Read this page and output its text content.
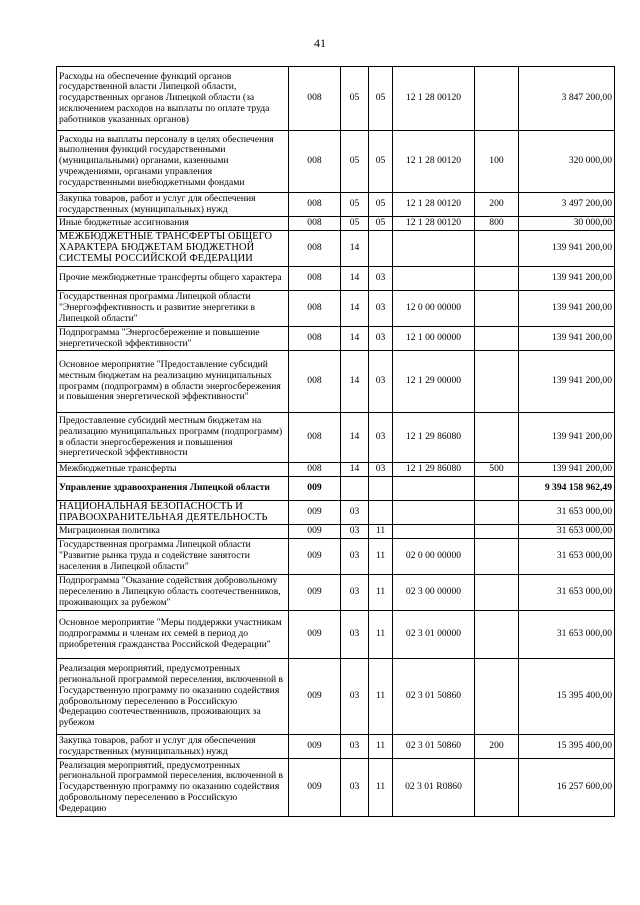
41
Расходы на обеспечение функций органов государственной власти Липецкой области, государственных органов Липецкой области (за исключением расходов на выплаты по оплате труда работников указанных органов)	008	05	05	12 1 28 00120		3 847 200,00
Расходы на выплаты персоналу в целях обеспечения выполнения функций государственными (муниципальными) органами, казенными учреждениями, органами управления государственными внебюджетными фондами	008	05	05	12 1 28 00120	100	320 000,00
Закупка товаров, работ и услуг для обеспечения государственных (муниципальных) нужд	008	05	05	12 1 28 00120	200	3 497 200,00
Иные бюджетные ассигнования	008	05	05	12 1 28 00120	800	30 000,00
МЕЖБЮДЖЕТНЫЕ ТРАНСФЕРТЫ ОБЩЕГО ХАРАКТЕРА БЮДЖЕТАМ БЮДЖЕТНОЙ СИСТЕМЫ РОССИЙСКОЙ ФЕДЕРАЦИИ	008	14				139 941 200,00
Прочие межбюджетные трансферты общего характера	008	14	03			139 941 200,00
Государственная программа Липецкой области "Энергоэффективность и развитие энергетики в Липецкой области"	008	14	03	12 0 00 00000		139 941 200,00
Подпрограмма "Энергосбережение и повышение энергетической эффективности"	008	14	03	12 1 00 00000		139 941 200,00
Основное мероприятие "Предоставление субсидий местным бюджетам на реализацию муниципальных программ (подпрограмм) в области энергосбережения и повышения энергетической эффективности"	008	14	03	12 1 29 00000		139 941 200,00
Предоставление субсидий местным бюджетам на реализацию муниципальных программ (подпрограмм) в области энергосбережения и повышения энергетической эффективности	008	14	03	12 1 29 86080		139 941 200,00
Межбюджетные трансферты	008	14	03	12 1 29 86080	500	139 941 200,00
Управление здравоохранения Липецкой области	009					9 394 158 962,49
НАЦИОНАЛЬНАЯ БЕЗОПАСНОСТЬ И ПРАВООХРАНИТЕЛЬНАЯ ДЕЯТЕЛЬНОСТЬ	009	03				31 653 000,00
Миграционная политика	009	03	11			31 653 000,00
Государственная программа Липецкой области "Развитие рынка труда и содействие занятости населения в Липецкой области"	009	03	11	02 0 00 00000		31 653 000,00
Подпрограмма "Оказание содействия добровольному переселению в Липецкую область соотечественников, проживающих за рубежом"	009	03	11	02 3 00 00000		31 653 000,00
Основное мероприятие "Меры поддержки участникам подпрограммы и членам их семей в период до приобретения гражданства Российской Федерации"	009	03	11	02 3 01 00000		31 653 000,00
Реализация мероприятий, предусмотренных региональной программой переселения, включенной в Государственную программу по оказанию содействия добровольному переселению в Российскую Федерацию соотечественников, проживающих за рубежом	009	03	11	02 3 01 50860		15 395 400,00
Закупка товаров, работ и услуг для обеспечения государственных (муниципальных) нужд	009	03	11	02 3 01 50860	200	15 395 400,00
Реализация мероприятий, предусмотренных региональной программой переселения, включенной в Государственную программу по оказанию содействия добровольному переселению в Российскую Федерацию	009	03	11	02 3 01 R0860		16 257 600,00
